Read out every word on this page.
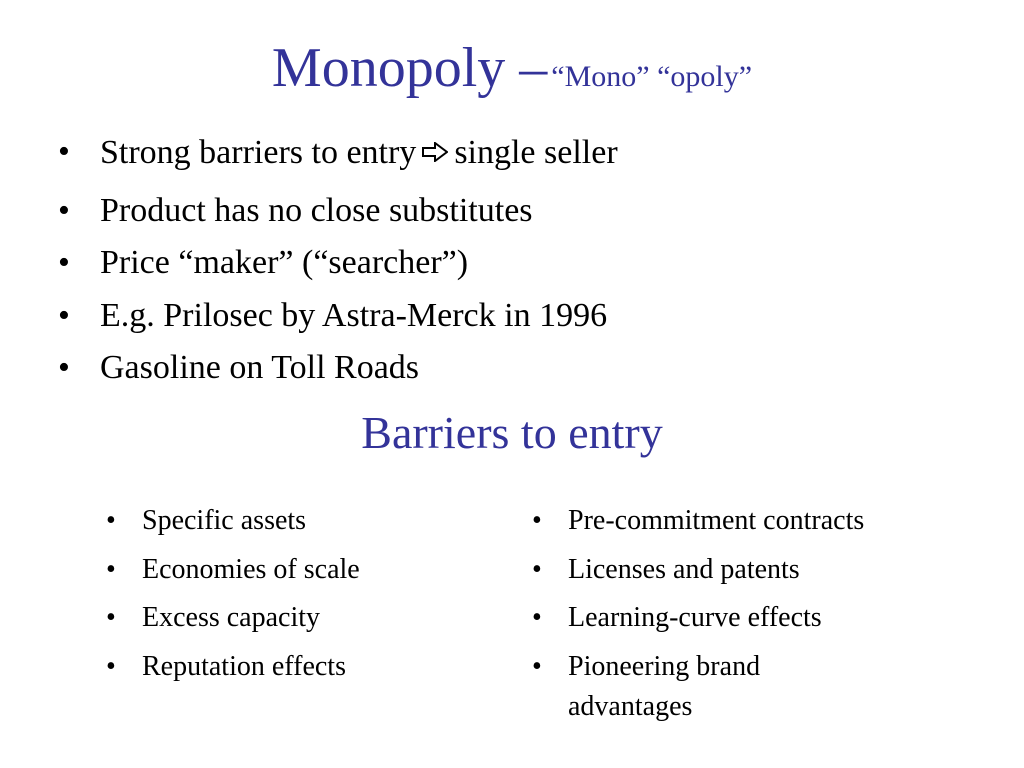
Monopoly – “Mono” “opoly”
• Strong barriers to entry single seller
• Product has no close substitutes
• Price “maker” (“searcher”)
• E.g. Prilosec by Astra-Merck in 1996
• Gasoline on Toll Roads
Barriers to entry
• Specific assets
• Economies of scale
• Excess capacity
• Reputation effects
• Pre-commitment contracts
• Licenses and patents
• Learning-curve effects
• Pioneering brand
advantages
